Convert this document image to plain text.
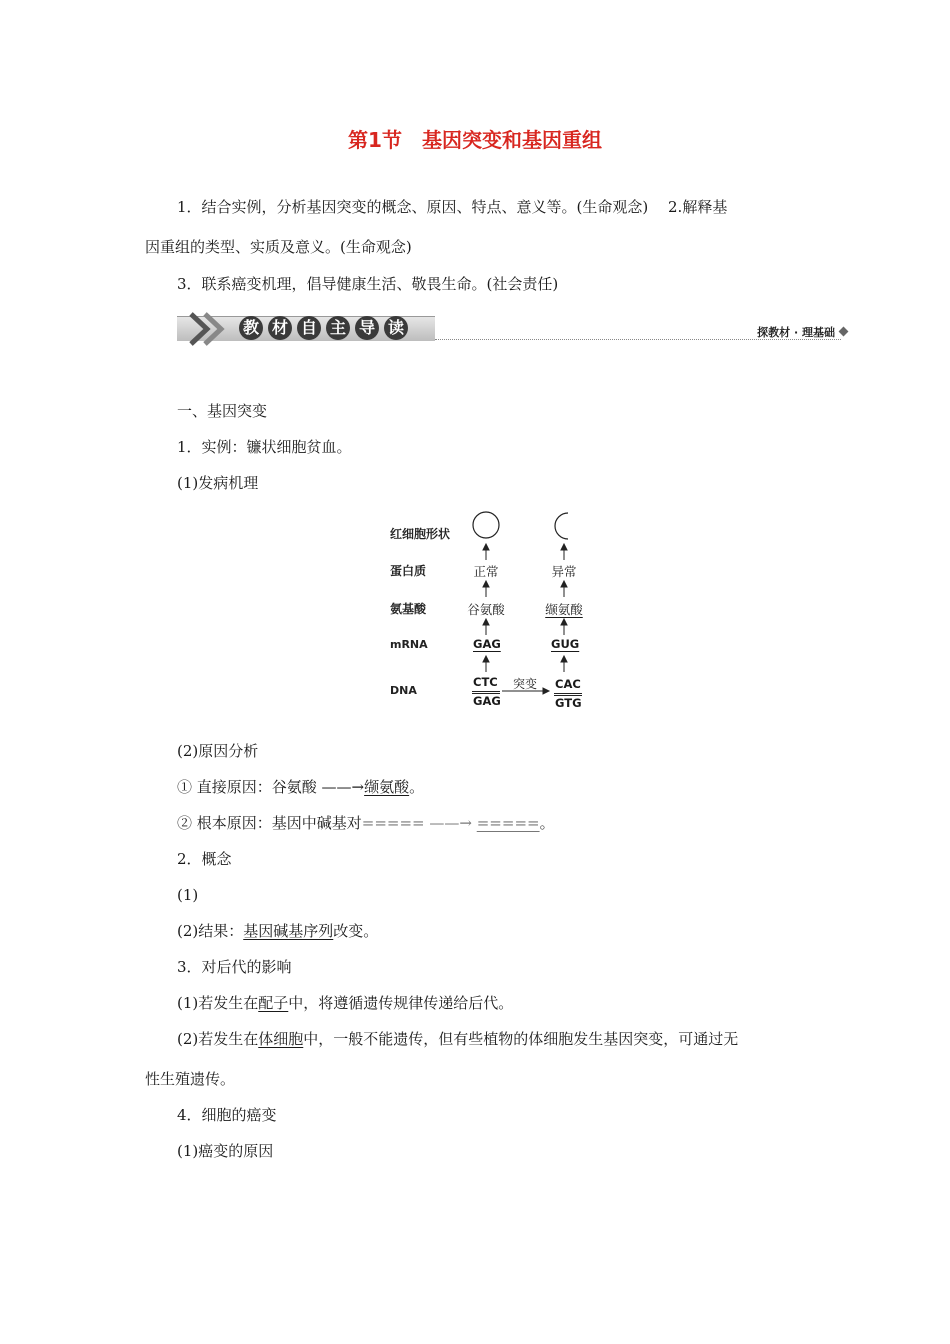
第1节　基因突变和基因重组
1．结合实例，分析基因突变的概念、原因、特点、意义等。(生命观念)　 2.解释基
因重组的类型、实质及意义。(生命观念)
3．联系癌变机理，倡导健康生活、敬畏生命。(社会责任)
教 材 自 主 导 读	探教材 · 理基础
一、基因突变
1．实例：镰状细胞贫血。
(1)发病机理
红细胞形状
蛋白质
氨基酸
mRNA
DNA
正常	异常
谷氨酸	缬氨酸
GAG	GUG
CTC
GAG
突变	CAC
GTG
(2)原因分析
① 直接原因：谷氨酸 ——→缬氨酸。
② 根本原因：基因中碱基对===== ——→ =====。
2．概念
(1)
(2)结果：基因碱基序列改变。
3．对后代的影响
(1)若发生在配子中，将遵循遗传规律传递给后代。
(2)若发生在体细胞中，一般不能遗传，但有些植物的体细胞发生基因突变，可通过无
性生殖遗传。
4．细胞的癌变
(1)癌变的原因
